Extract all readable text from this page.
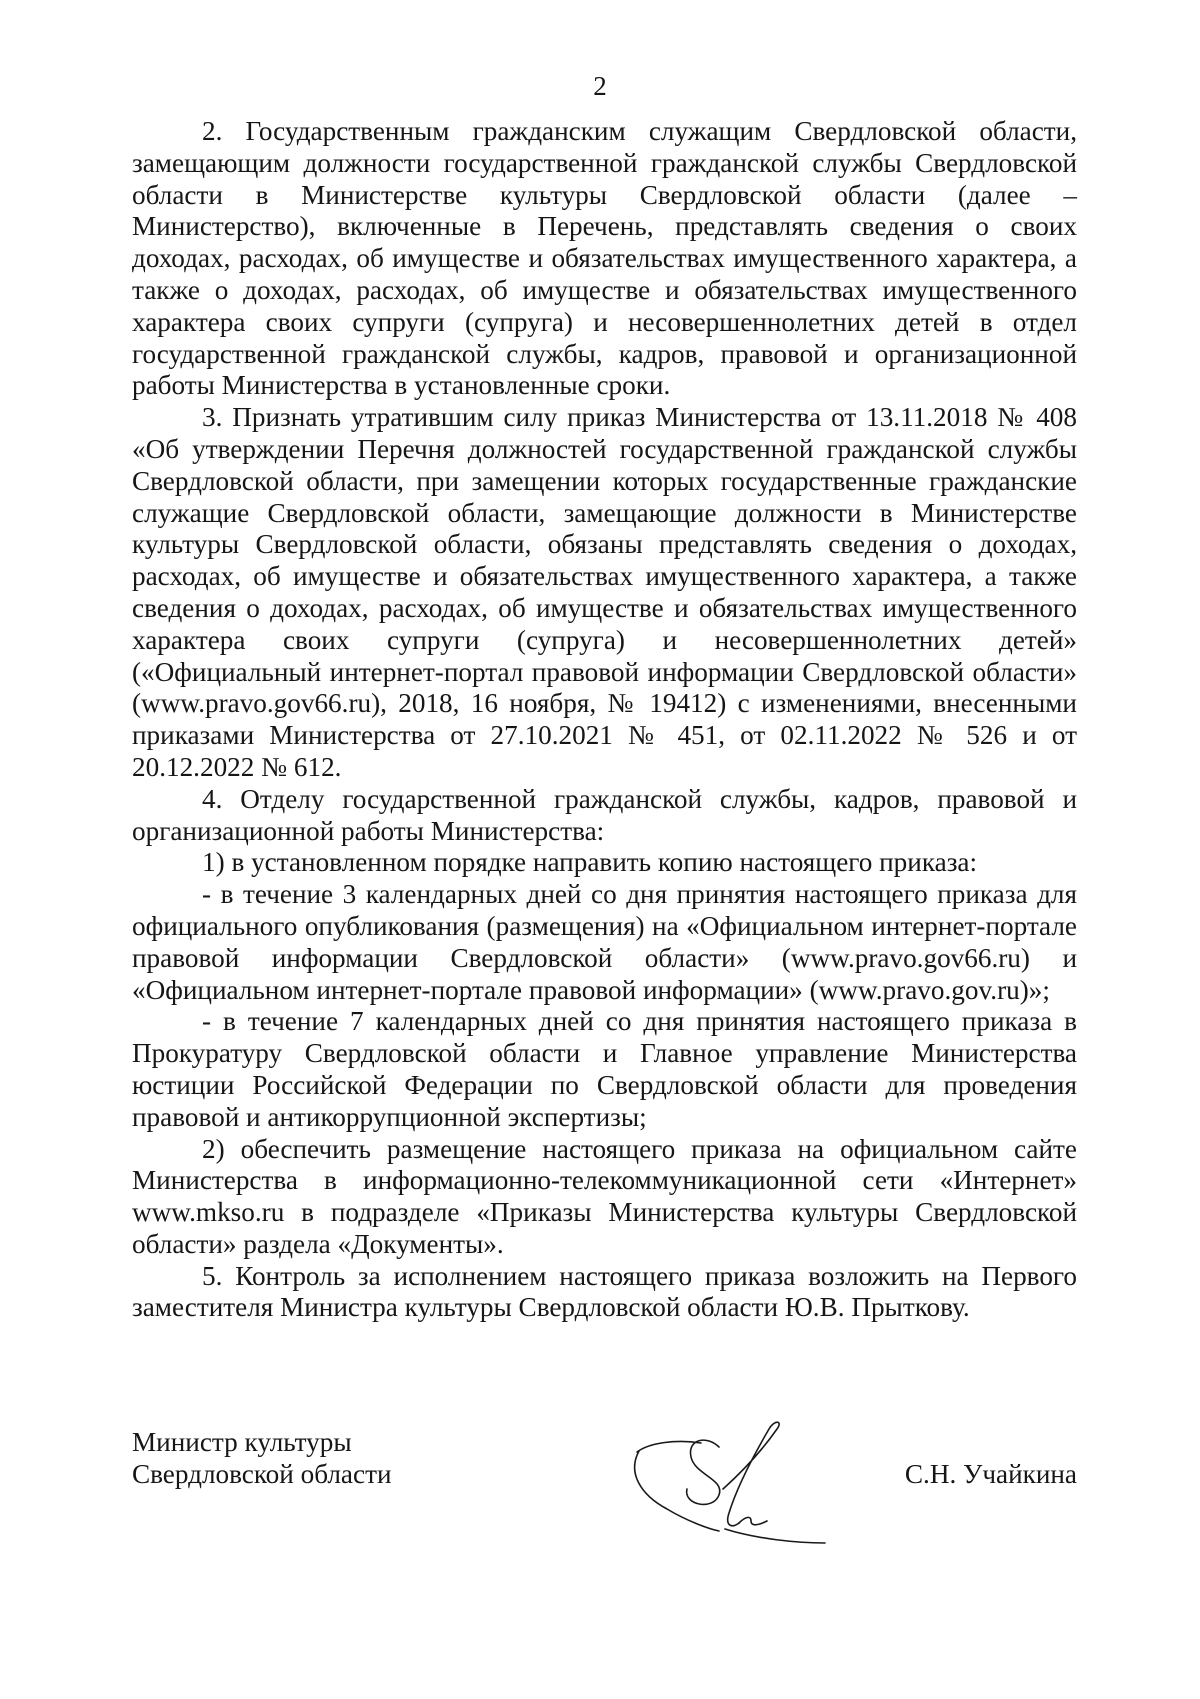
2

2. Государственным гражданским служащим Свердловской области, замещающим должности государственной гражданской службы Свердловской области в Министерстве культуры Свердловской области (далее – Министерство), включенные в Перечень, представлять сведения о своих доходах, расходах, об имуществе и обязательствах имущественного характера, а также о доходах, расходах, об имуществе и обязательствах имущественного характера своих супруги (супруга) и несовершеннолетних детей в отдел государственной гражданской службы, кадров, правовой и организационной работы Министерства в установленные сроки.

3. Признать утратившим силу приказ Министерства от 13.11.2018 № 408 «Об утверждении Перечня должностей государственной гражданской службы Свердловской области, при замещении которых государственные гражданские служащие Свердловской области, замещающие должности в Министерстве культуры Свердловской области, обязаны представлять сведения о доходах, расходах, об имуществе и обязательствах имущественного характера, а также сведения о доходах, расходах, об имуществе и обязательствах имущественного характера своих супруги (супруга) и несовершеннолетних детей» («Официальный интернет-портал правовой информации Свердловской области» (www.pravo.gov66.ru), 2018, 16 ноября, № 19412) с изменениями, внесенными приказами Министерства от 27.10.2021 № 451, от 02.11.2022 № 526 и от 20.12.2022 № 612.

4. Отделу государственной гражданской службы, кадров, правовой и организационной работы Министерства:

1) в установленном порядке направить копию настоящего приказа:

- в течение 3 календарных дней со дня принятия настоящего приказа для официального опубликования (размещения) на «Официальном интернет-портале правовой информации Свердловской области» (www.pravo.gov66.ru) и «Официальном интернет-портале правовой информации» (www.pravo.gov.ru)»;

- в течение 7 календарных дней со дня принятия настоящего приказа в Прокуратуру Свердловской области и Главное управление Министерства юстиции Российской Федерации по Свердловской области для проведения правовой и антикоррупционной экспертизы;

2) обеспечить размещение настоящего приказа на официальном сайте Министерства в информационно-телекоммуникационной сети «Интернет» www.mkso.ru в подразделе «Приказы Министерства культуры Свердловской области» раздела «Документы».

5. Контроль за исполнением настоящего приказа возложить на Первого заместителя Министра культуры Свердловской области Ю.В. Прыткову.

Министр культуры
Свердловской области	С.Н. Учайкина
